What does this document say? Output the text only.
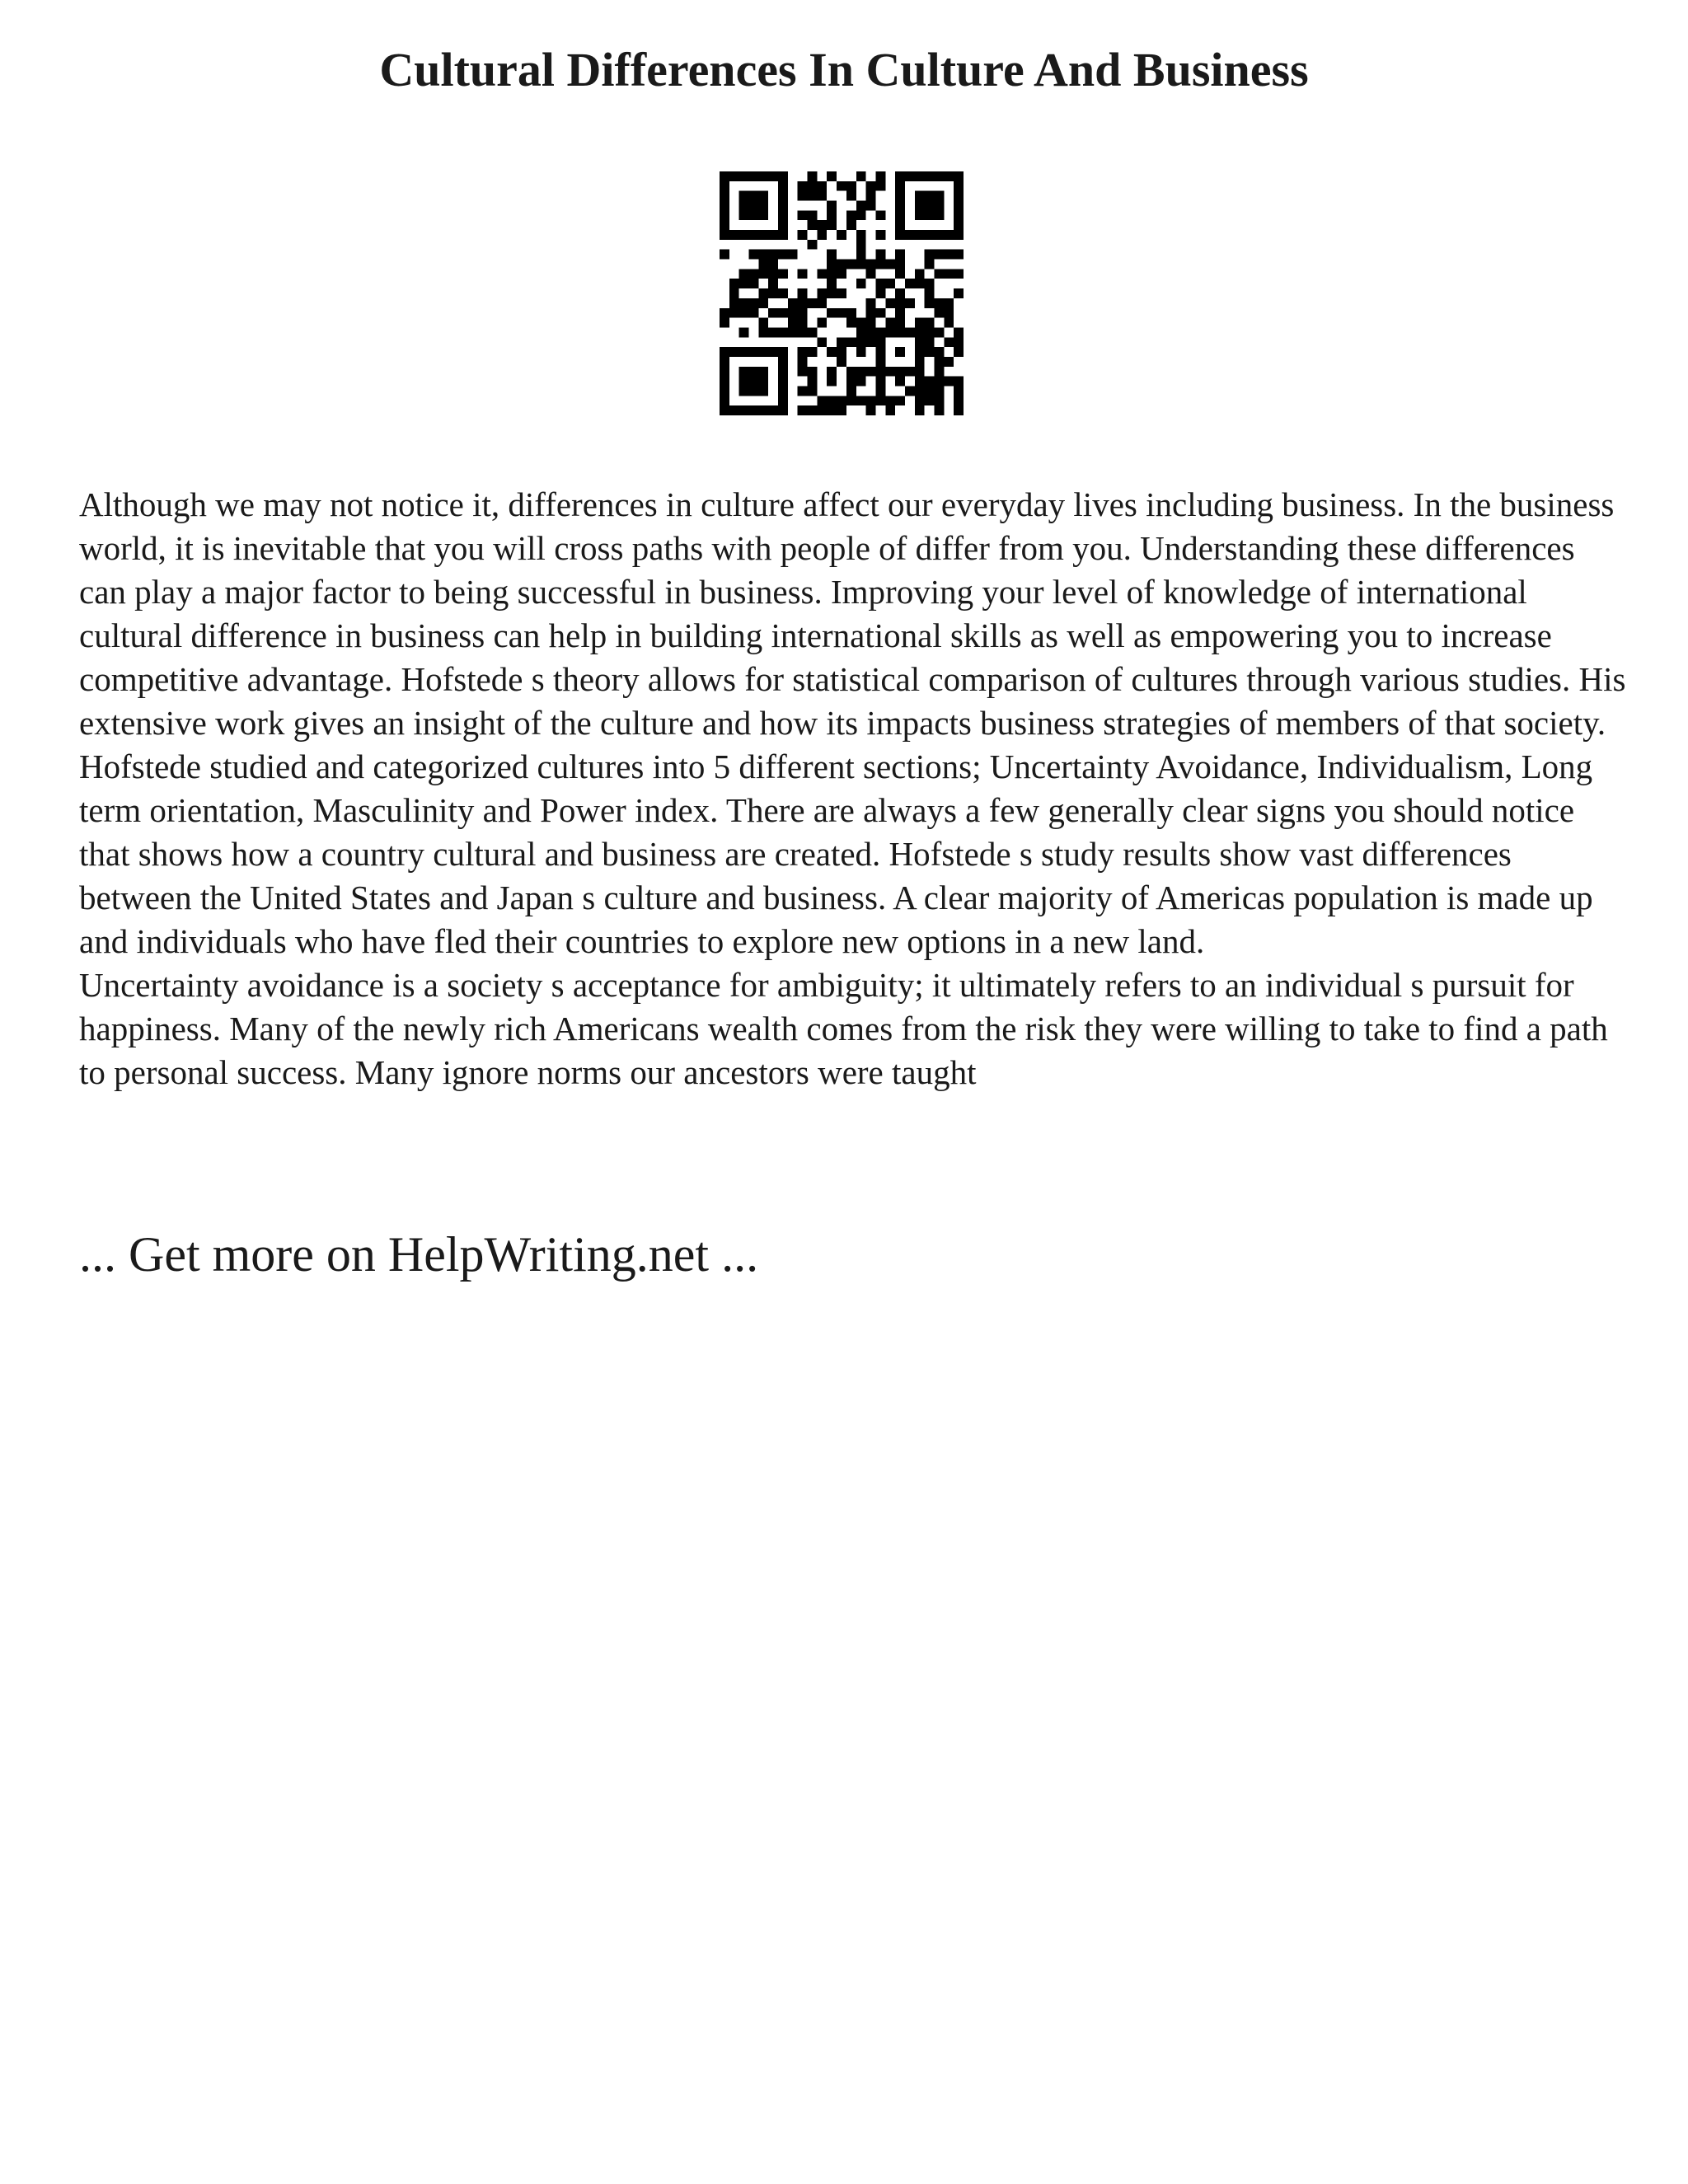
Cultural Differences In Culture And Business

Although we may not notice it, differences in culture affect our everyday lives including business. In the business world, it is inevitable that you will cross paths with people of differ from you. Understanding these differences can play a major factor to being successful in business. Improving your level of knowledge of international cultural difference in business can help in building international skills as well as empowering you to increase competitive advantage. Hofstede s theory allows for statistical comparison of cultures through various studies. His extensive work gives an insight of the culture and how its impacts business strategies of members of that society. Hofstede studied and categorized cultures into 5 different sections; Uncertainty Avoidance, Individualism, Long term orientation, Masculinity and Power index. There are always a few generally clear signs you should notice that shows how a country cultural and business are created. Hofstede s study results show vast differences between the United States and Japan s culture and business. A clear majority of Americas population is made up and individuals who have fled their countries to explore new options in a new land.

Uncertainty avoidance is a society s acceptance for ambiguity; it ultimately refers to an individual s pursuit for happiness. Many of the newly rich Americans wealth comes from the risk they were willing to take to find a path to personal success. Many ignore norms our ancestors were taught

... Get more on HelpWriting.net ...
